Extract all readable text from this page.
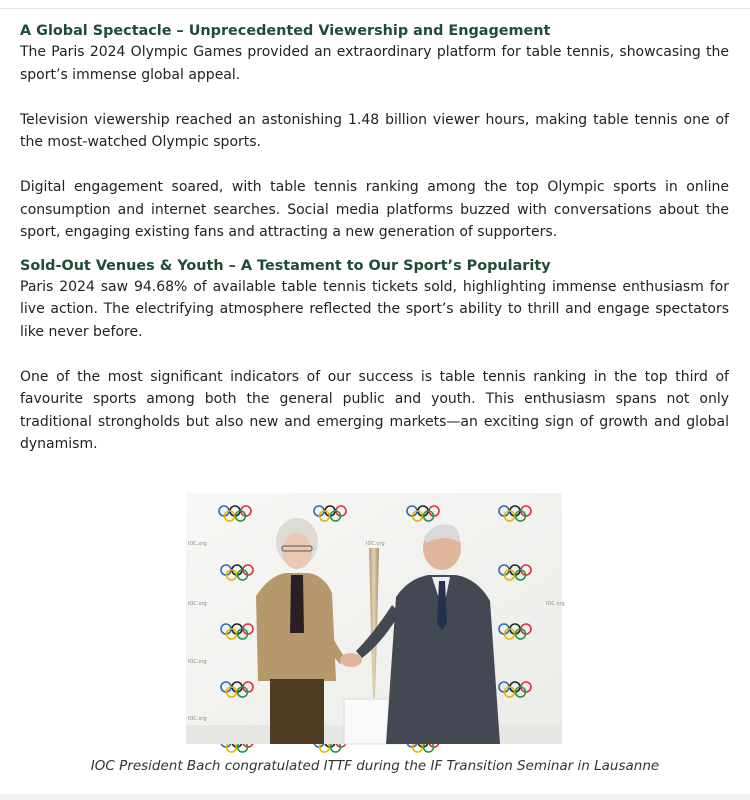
A Global Spectacle – Unprecedented Viewership and Engagement

The Paris 2024 Olympic Games provided an extraordinary platform for table tennis, showcasing the sport’s immense global appeal.

Television viewership reached an astonishing 1.48 billion viewer hours, making table tennis one of the most-watched Olympic sports.

Digital engagement soared, with table tennis ranking among the top Olympic sports in online consumption and internet searches. Social media platforms buzzed with conversations about the sport, engaging existing fans and attracting a new generation of supporters.

Sold-Out Venues & Youth – A Testament to Our Sport’s Popularity

Paris 2024 saw 94.68% of available table tennis tickets sold, highlighting immense enthusiasm for live action. The electrifying atmosphere reflected the sport’s ability to thrill and engage spectators like never before.

One of the most significant indicators of our success is table tennis ranking in the top third of favourite sports among both the general public and youth. This enthusiasm spans not only traditional strongholds but also new and emerging markets—an exciting sign of growth and global dynamism.

IOC.org
IOC.org
IOC.org
IOC.org
IOC.org
IOC.org
IOC President Bach congratulated ITTF during the IF Transition Seminar in Lausanne
